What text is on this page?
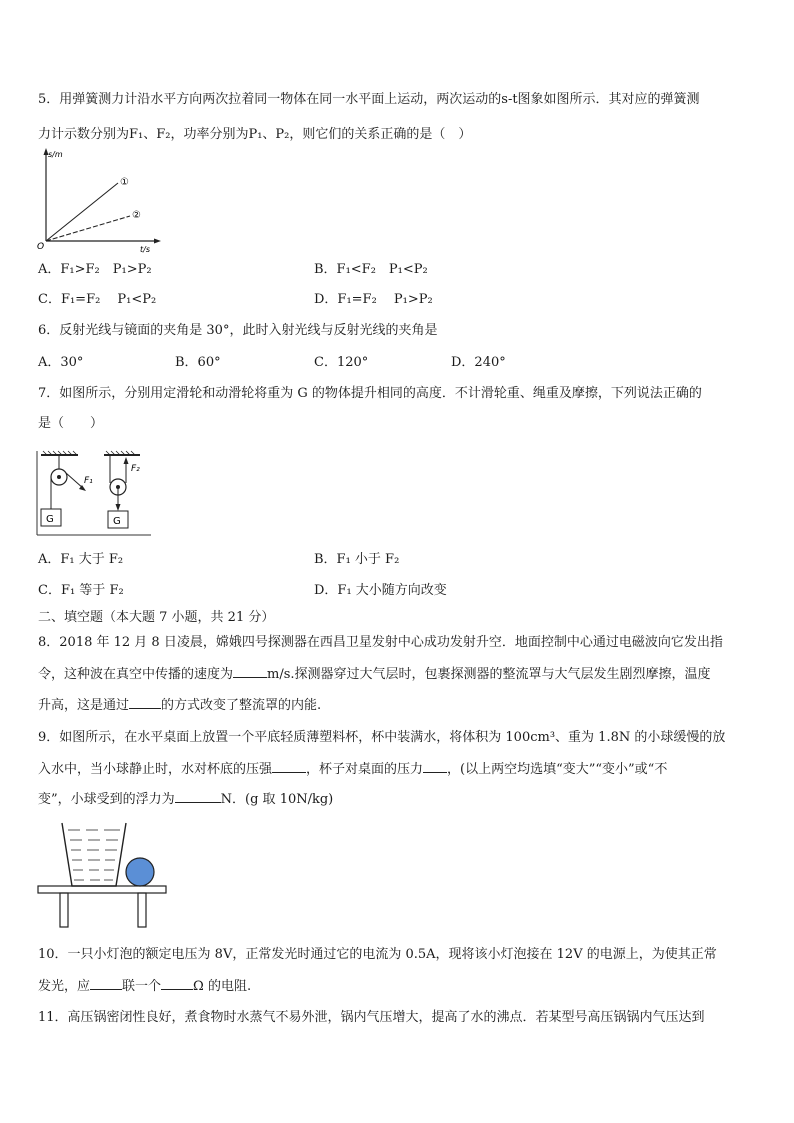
5．用弹簧测力计沿水平方向两次拉着同一物体在同一水平面上运动，两次运动的s-t图象如图所示．其对应的弹簧测
力计示数分别为F₁、F₂，功率分别为P₁、P₂，则它们的关系正确的是（　）
s/m
t/s
O
①
②
A．F₁>F₂　P₁>P₂	B．F₁<F₂　P₁<P₂
C．F₁=F₂　 P₁<P₂	D．F₁=F₂　 P₁>P₂
6．反射光线与镜面的夹角是 30°，此时入射光线与反射光线的夹角是
A．30°	B．60°	C．120°	D．240°
7．如图所示，分别用定滑轮和动滑轮将重为 G 的物体提升相同的高度．不计滑轮重、绳重及摩擦，下列说法正确的
是（　　）
F₁
G
F₂
G
A．F₁ 大于 F₂	B．F₁ 小于 F₂
C．F₁ 等于 F₂	D．F₁ 大小随方向改变
二、填空题（本大题 7 小题，共 21 分）
8．2018 年 12 月 8 日凌晨，嫦娥四号探测器在西昌卫星发射中心成功发射升空．地面控制中心通过电磁波向它发出指
令，这种波在真空中传播的速度为	m/s.探测器穿过大气层时，包裹探测器的整流罩与大气层发生剧烈摩擦，温度
升高，这是通过 的方式改变了整流罩的内能.
9．如图所示，在水平桌面上放置一个平底轻质薄塑料杯，杯中装满水，将体积为 100cm³、重为 1.8N 的小球缓慢的放
入水中，当小球静止时，水对杯底的压强	，杯子对桌面的压力 ，(以上两空均选填“变大”“变小”或“不
变”，小球受到的浮力为	N．(g 取 10N/kg)
10．一只小灯泡的额定电压为 8V，正常发光时通过它的电流为 0.5A，现将该小灯泡接在 12V 的电源上，为使其正常
发光，应 联一个 Ω 的电阻.
11．高压锅密闭性良好，煮食物时水蒸气不易外泄，锅内气压增大，提高了水的沸点．若某型号高压锅锅内气压达到
